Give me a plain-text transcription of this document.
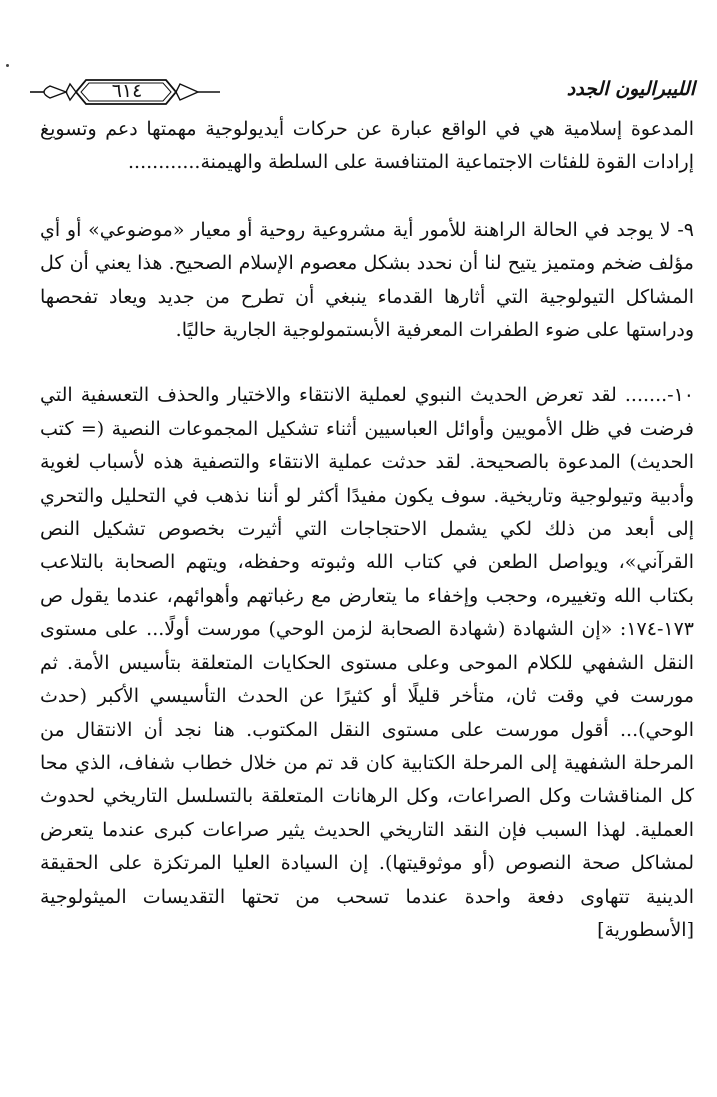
٦١٤	الليبراليون الجدد

المدعوة إسلامية هي في الواقع عبارة عن حركات أيديولوجية مهمتها دعم وتسويغ إرادات القوة للفئات الاجتماعية المتنافسة على السلطة والهيمنة............

٩- لا يوجد في الحالة الراهنة للأمور أية مشروعية روحية أو معيار «موضوعي» أو أي مؤلف ضخم ومتميز يتيح لنا أن نحدد بشكل معصوم الإسلام الصحيح. هذا يعني أن كل المشاكل التيولوجية التي أثارها القدماء ينبغي أن تطرح من جديد ويعاد تفحصها ودراستها على ضوء الطفرات المعرفية الأبستمولوجية الجارية حاليًا.

١٠-....... لقد تعرض الحديث النبوي لعملية الانتقاء والاختيار والحذف التعسفية التي فرضت في ظل الأمويين وأوائل العباسيين أثناء تشكيل المجموعات النصية (= كتب الحديث) المدعوة بالصحيحة. لقد حدثت عملية الانتقاء والتصفية هذه لأسباب لغوية وأدبية وتيولوجية وتاريخية. سوف يكون مفيدًا أكثر لو أننا نذهب في التحليل والتحري إلى أبعد من ذلك لكي يشمل الاحتجاجات التي أثيرت بخصوص تشكيل النص القرآني»، ويواصل الطعن في كتاب الله وثبوته وحفظه، ويتهم الصحابة بالتلاعب بكتاب الله وتغييره، وحجب وإخفاء ما يتعارض مع رغباتهم وأهوائهم، عندما يقول ص ١٧٣-١٧٤: «إن الشهادة (شهادة الصحابة لزمن الوحي) مورست أولًا... على مستوى النقل الشفهي للكلام الموحى وعلى مستوى الحكايات المتعلقة بتأسيس الأمة. ثم مورست في وقت ثان، متأخر قليلًا أو كثيرًا عن الحدث التأسيسي الأكبر (حدث الوحي)... أقول مورست على مستوى النقل المكتوب. هنا نجد أن الانتقال من المرحلة الشفهية إلى المرحلة الكتابية كان قد تم من خلال خطاب شفاف، الذي محا كل المناقشات وكل الصراعات، وكل الرهانات المتعلقة بالتسلسل التاريخي لحدوث العملية. لهذا السبب فإن النقد التاريخي الحديث يثير صراعات كبرى عندما يتعرض لمشاكل صحة النصوص (أو موثوقيتها). إن السيادة العليا المرتكزة على الحقيقة الدينية تتهاوى دفعة واحدة عندما تسحب من تحتها التقديسات الميثولوجية [الأسطورية]
